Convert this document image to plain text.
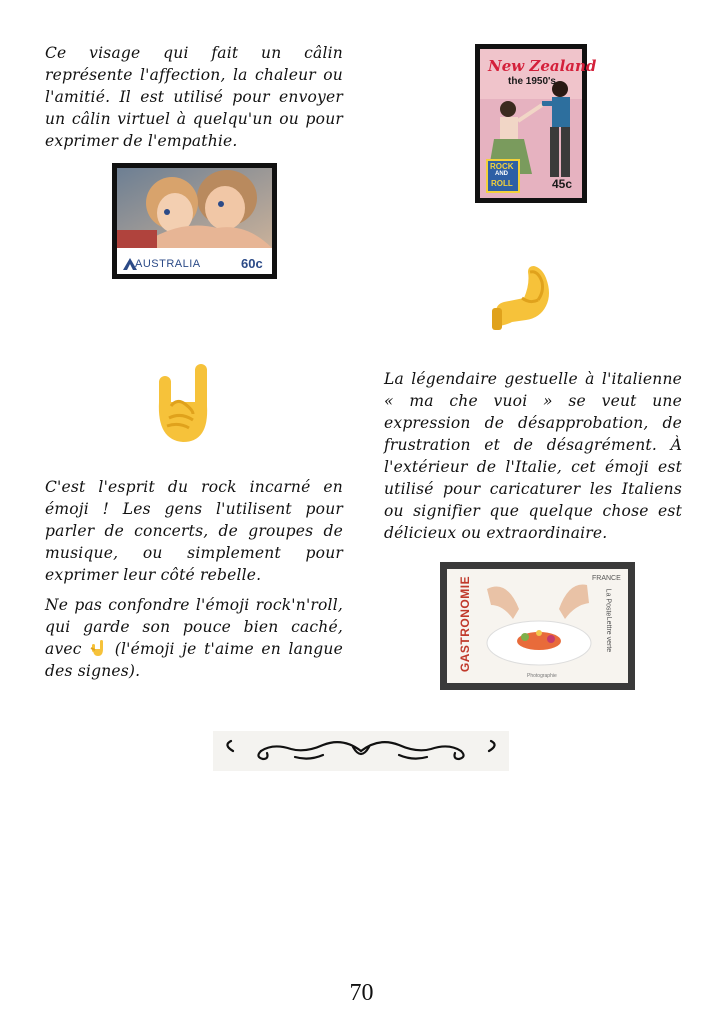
Ce visage qui fait un câlin représente l'affection, la chaleur ou l'amitié. Il est utilisé pour envoyer un câlin virtuel à quelqu'un ou pour exprimer de l'empathie.

AUSTRALIA	60c
New Zealand
the 1950's
ROCK
AND
ROLL	45c

La légendaire gestuelle à l'italienne « ma che vuoi » se veut une expression de désapprobation, de frustration et de désagrément. À l'extérieur de l'Italie, cet émoji est utilisé pour caricaturer les Italiens ou signifier que quelque chose est délicieux ou extraordinaire.

C'est l'esprit du rock incarné en émoji ! Les gens l'utilisent pour parler de concerts, de groupes de musique, ou simplement pour exprimer leur côté rebelle.

Ne pas confondre l'émoji rock'n'roll, qui garde son pouce bien caché, avec  (l'émoji je t'aime en langue des signes).	GASTRONOMIE	FRANCE
La Poste
Lettre verte
Photographie
70
